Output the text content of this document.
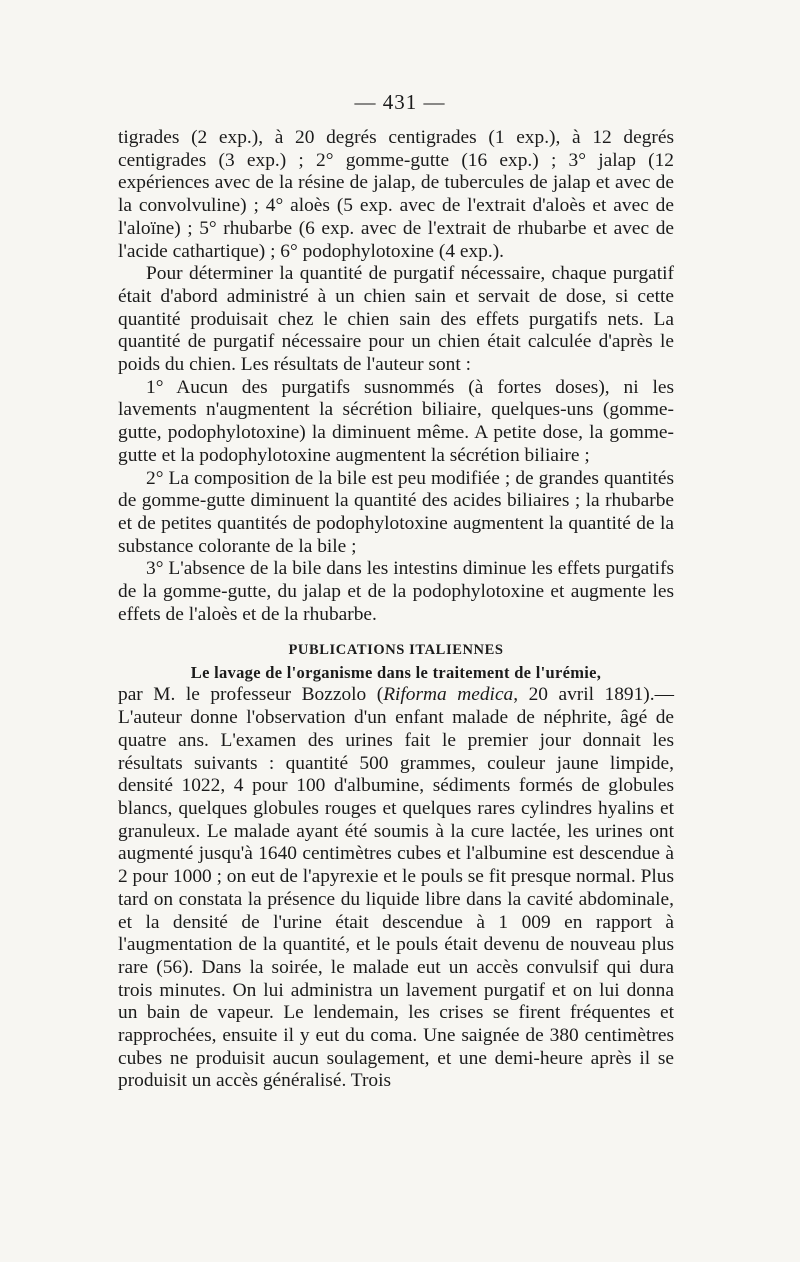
— 431 —

tigrades (2 exp.), à 20 degrés centigrades (1 exp.), à 12 degrés centigrades (3 exp.) ; 2° gomme-gutte (16 exp.) ; 3° jalap (12 expériences avec de la résine de jalap, de tubercules de jalap et avec de la convolvuline) ; 4° aloès (5 exp. avec de l'extrait d'aloès et avec de l'aloïne) ; 5° rhubarbe (6 exp. avec de l'extrait de rhubarbe et avec de l'acide cathartique) ; 6° podophylotoxine (4 exp.).

Pour déterminer la quantité de purgatif nécessaire, chaque purgatif était d'abord administré à un chien sain et servait de dose, si cette quantité produisait chez le chien sain des effets purgatifs nets. La quantité de purgatif nécessaire pour un chien était calculée d'après le poids du chien. Les résultats de l'auteur sont :

1° Aucun des purgatifs susnommés (à fortes doses), ni les lavements n'augmentent la sécrétion biliaire, quelques-uns (gomme-gutte, podophylotoxine) la diminuent même. A petite dose, la gomme-gutte et la podophylotoxine augmentent la sécrétion biliaire ;

2° La composition de la bile est peu modifiée ; de grandes quantités de gomme-gutte diminuent la quantité des acides biliaires ; la rhubarbe et de petites quantités de podophylotoxine augmentent la quantité de la substance colorante de la bile ;

3° L'absence de la bile dans les intestins diminue les effets purgatifs de la gomme-gutte, du jalap et de la podophylotoxine et augmente les effets de l'aloès et de la rhubarbe.

PUBLICATIONS ITALIENNES

Le lavage de l'organisme dans le traitement de l'urémie,

par M. le professeur Bozzolo (Riforma medica, 20 avril 1891).— L'auteur donne l'observation d'un enfant malade de néphrite, âgé de quatre ans. L'examen des urines fait le premier jour donnait les résultats suivants : quantité 500 grammes, couleur jaune limpide, densité 1022, 4 pour 100 d'albumine, sédiments formés de globules blancs, quelques globules rouges et quelques rares cylindres hyalins et granuleux. Le malade ayant été soumis à la cure lactée, les urines ont augmenté jusqu'à 1640 centimètres cubes et l'albumine est descendue à 2 pour 1000 ; on eut de l'apyrexie et le pouls se fit presque normal. Plus tard on constata la présence du liquide libre dans la cavité abdominale, et la densité de l'urine était descendue à 1 009 en rapport à l'augmentation de la quantité, et le pouls était devenu de nouveau plus rare (56). Dans la soirée, le malade eut un accès convulsif qui dura trois minutes. On lui administra un lavement purgatif et on lui donna un bain de vapeur. Le lendemain, les crises se firent fréquentes et rapprochées, ensuite il y eut du coma. Une saignée de 380 centimètres cubes ne produisit aucun soulagement, et une demi-heure après il se produisit un accès généralisé. Trois
